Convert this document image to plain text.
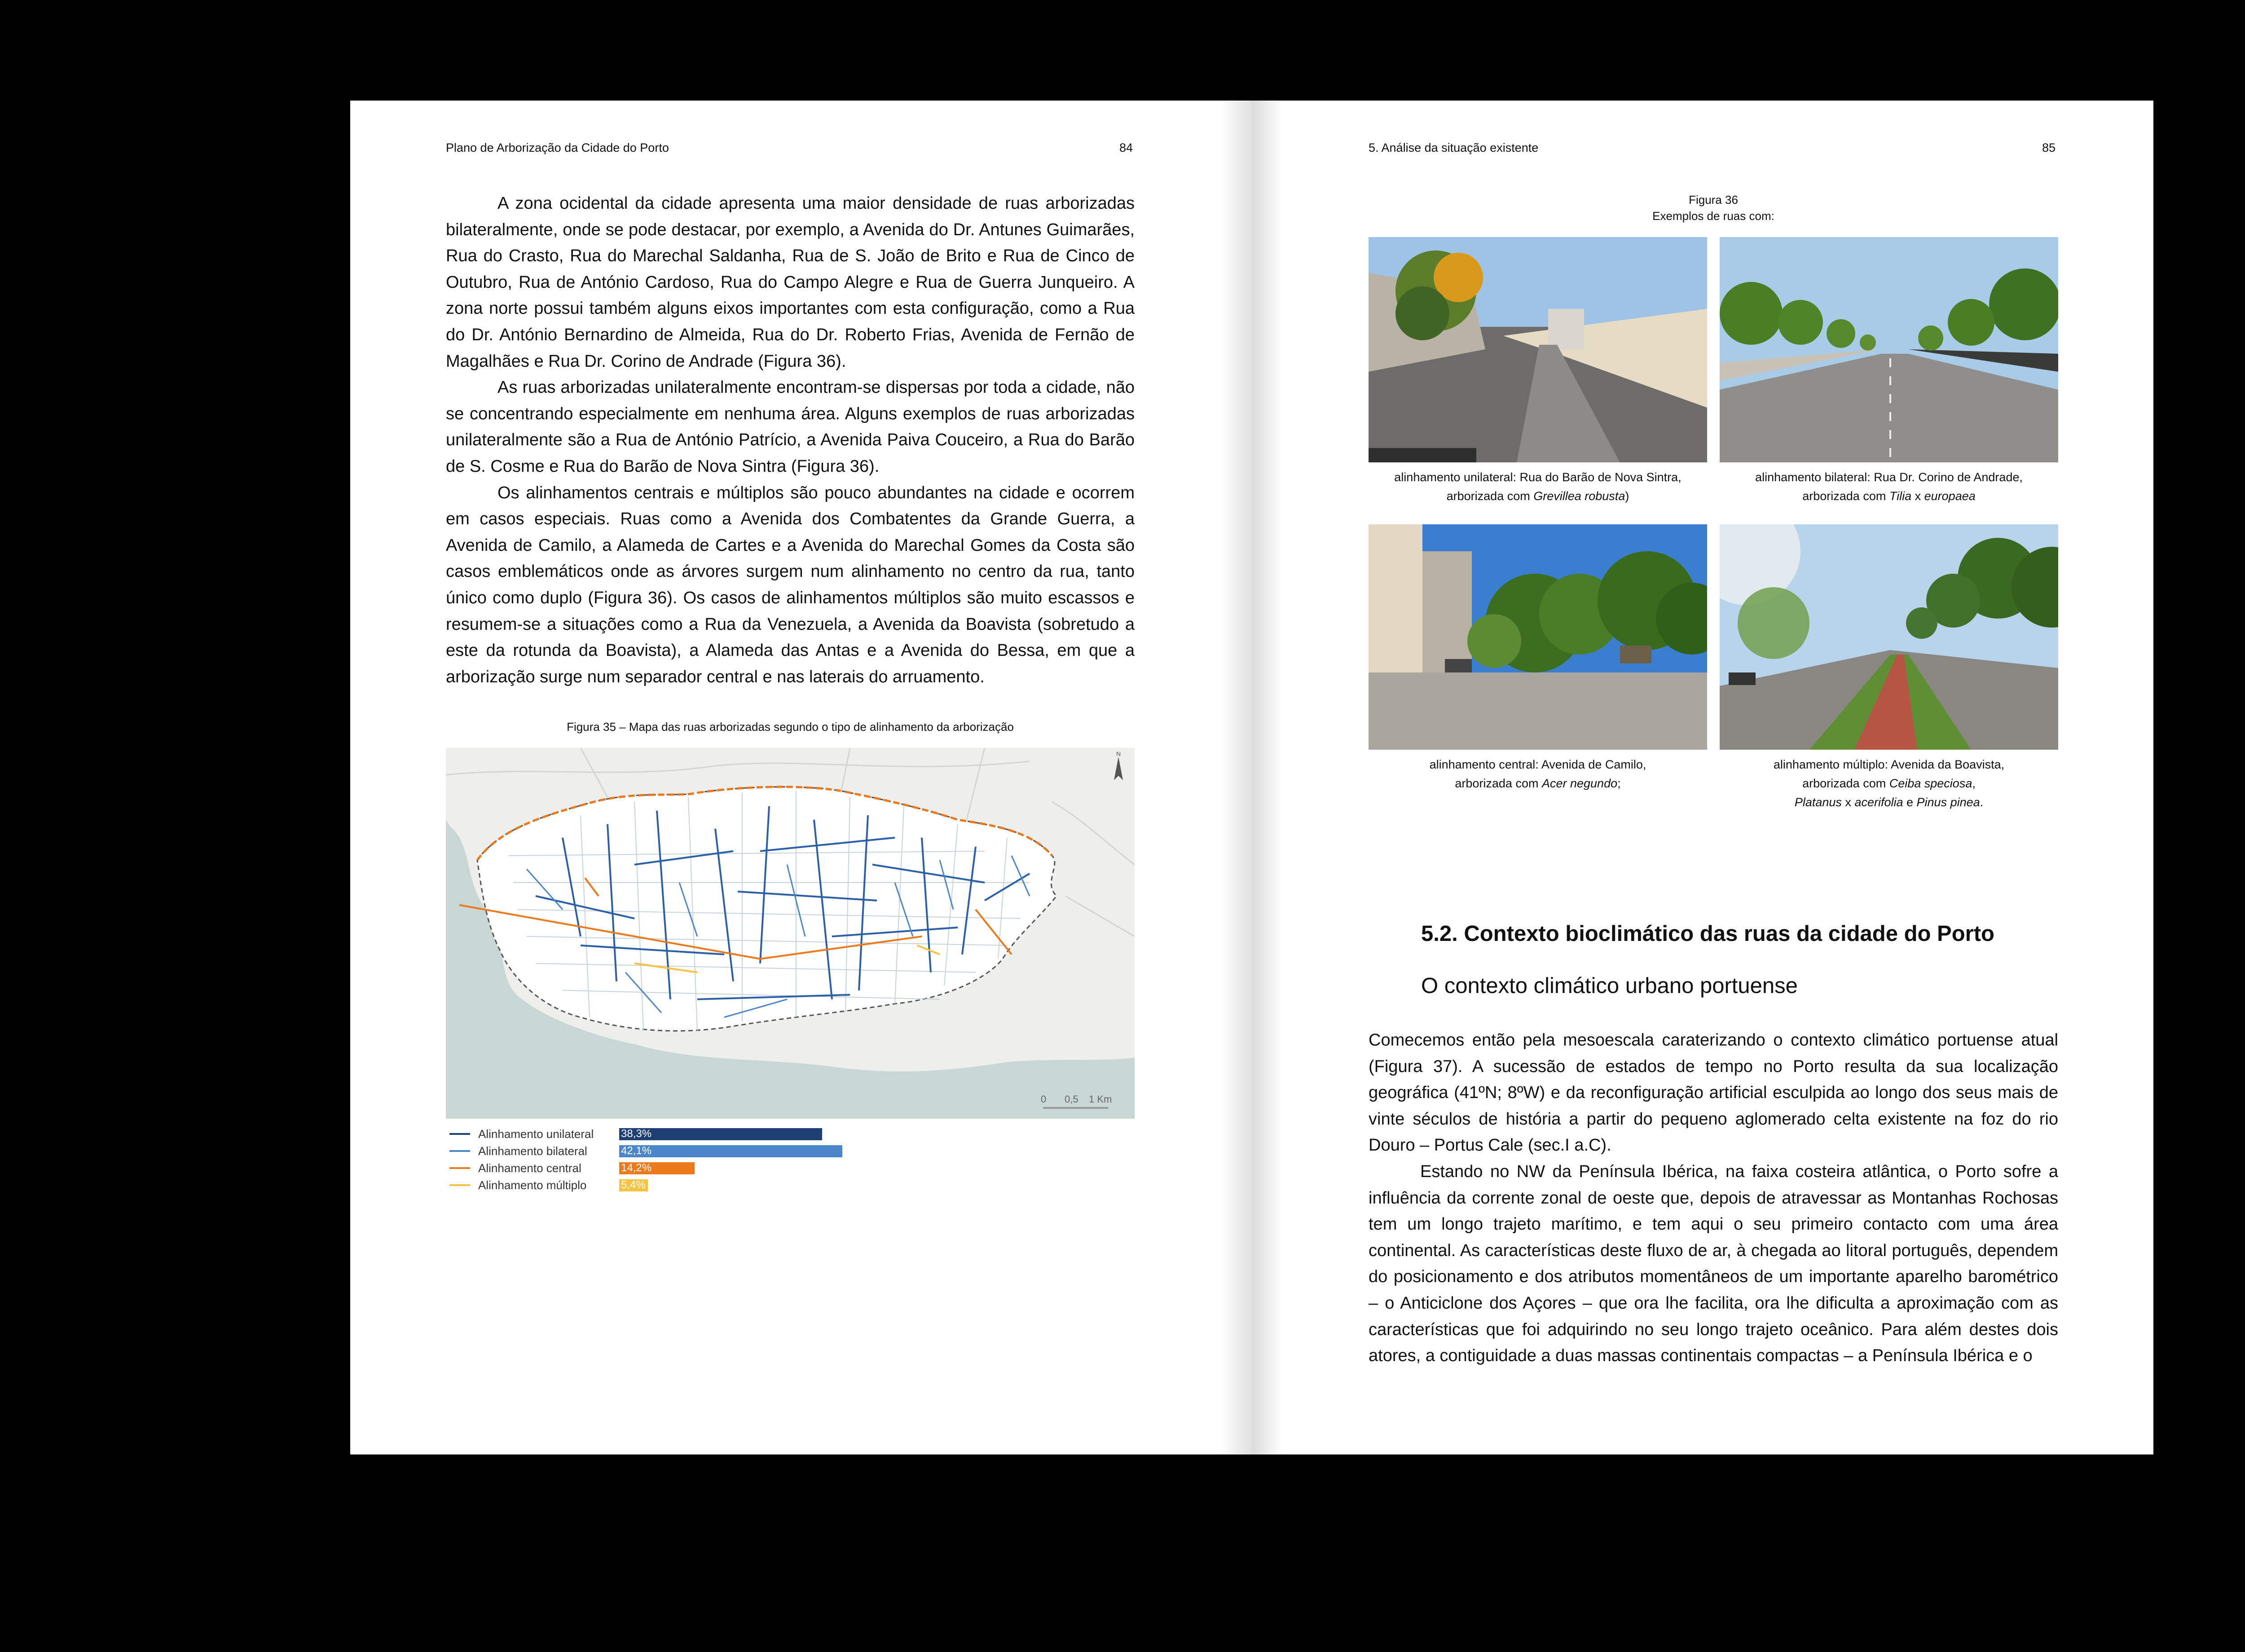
Plano de Arborização da Cidade do Porto	84

A zona ocidental da cidade apresenta uma maior densidade de ruas arborizadas bilateralmente, onde se pode destacar, por exemplo, a Avenida do Dr. Antunes Guimarães, Rua do Crasto, Rua do Marechal Saldanha, Rua de S. João de Brito e Rua de Cinco de Outubro, Rua de António Cardoso, Rua do Campo Alegre e Rua de Guerra Junqueiro. A zona norte possui também alguns eixos importantes com esta configuração, como a Rua do Dr. António Bernardino de Almeida, Rua do Dr. Roberto Frias, Avenida de Fernão de Magalhães e Rua Dr. Corino de Andrade (Figura 36).

As ruas arborizadas unilateralmente encontram-se dispersas por toda a cidade, não se concentrando especialmente em nenhuma área. Alguns exemplos de ruas arborizadas unilateralmente são a Rua de António Patrício, a Avenida Paiva Couceiro, a Rua do Barão de S. Cosme e Rua do Barão de Nova Sintra (Figura 36).

Os alinhamentos centrais e múltiplos são pouco abundantes na cidade e ocorrem em casos especiais. Ruas como a Avenida dos Combatentes da Grande Guerra, a Avenida de Camilo, a Alameda de Cartes e a Avenida do Marechal Gomes da Costa são casos emblemáticos onde as árvores surgem num alinhamento no centro da rua, tanto único como duplo (Figura 36). Os casos de alinhamentos múltiplos são muito escassos e resumem-se a situações como a Rua da Venezuela, a Avenida da Boavista (sobretudo a este da rotunda da Boavista), a Alameda das Antas e a Avenida do Bessa, em que a arborização surge num separador central e nas laterais do arruamento.

Figura 35 – Mapa das ruas arborizadas segundo o tipo de alinhamento da arborização
0 0,5 1 Km
N
Alinhamento unilateral	38,3%
Alinhamento bilateral	42,1%
Alinhamento central	14,2%
Alinhamento múltiplo	5,4%
5. Análise da situação existente	85
Figura 36
Exemplos de ruas com:
alinhamento unilateral: Rua do Barão de Nova Sintra,
arborizada com Grevillea robusta)
alinhamento bilateral: Rua Dr. Corino de Andrade,
arborizada com Tilia x europaea
alinhamento central: Avenida de Camilo,
arborizada com Acer negundo;
alinhamento múltiplo: Avenida da Boavista,
arborizada com Ceiba speciosa,
Platanus x acerifolia e Pinus pinea.
5.2. Contexto bioclimático das ruas da cidade do Porto
O contexto climático urbano portuense

Comecemos então pela mesoescala caraterizando o contexto climático portuense atual (Figura 37). A sucessão de estados de tempo no Porto resulta da sua localização geográfica (41ºN; 8ºW) e da reconfiguração artificial esculpida ao longo dos seus mais de vinte séculos de história a partir do pequeno aglomerado celta existente na foz do rio Douro – Portus Cale (sec.I a.C).

Estando no NW da Península Ibérica, na faixa costeira atlântica, o Porto sofre a influência da corrente zonal de oeste que, depois de atravessar as Montanhas Rochosas tem um longo trajeto marítimo, e tem aqui o seu primeiro contacto com uma área continental. As características deste fluxo de ar, à chegada ao litoral português, dependem do posicionamento e dos atributos momentâneos de um importante aparelho barométrico – o Anticiclone dos Açores – que ora lhe facilita, ora lhe dificulta a aproximação com as características que foi adquirindo no seu longo trajeto oceânico. Para além destes dois atores, a contiguidade a duas massas continentais compactas – a Península Ibérica e o
